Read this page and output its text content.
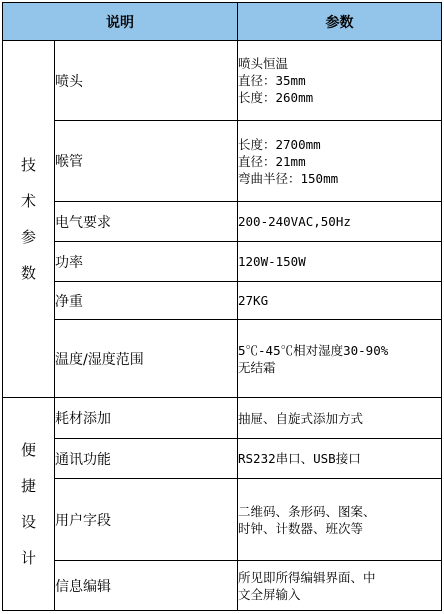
说明		参数

技
术
参
数	喷头	喷头恒温
直径：35mm
长度：260mm

	喉管	长度：2700mm
直径：21mm
弯曲半径：150mm

	电气要求	200-240VAC,50Hz

	功率	120W-150W

	净重	27KG

	温度/湿度范围	5℃-45℃相对湿度30-90%
无结霜

便
捷
设
计	耗材添加	抽屉、自旋式添加方式

	通讯功能	RS232串口、USB接口

	用户字段	二维码、条形码、图案、
时钟、计数器、班次等

	信息编辑	所见即所得编辑界面、中
文全屏输入
